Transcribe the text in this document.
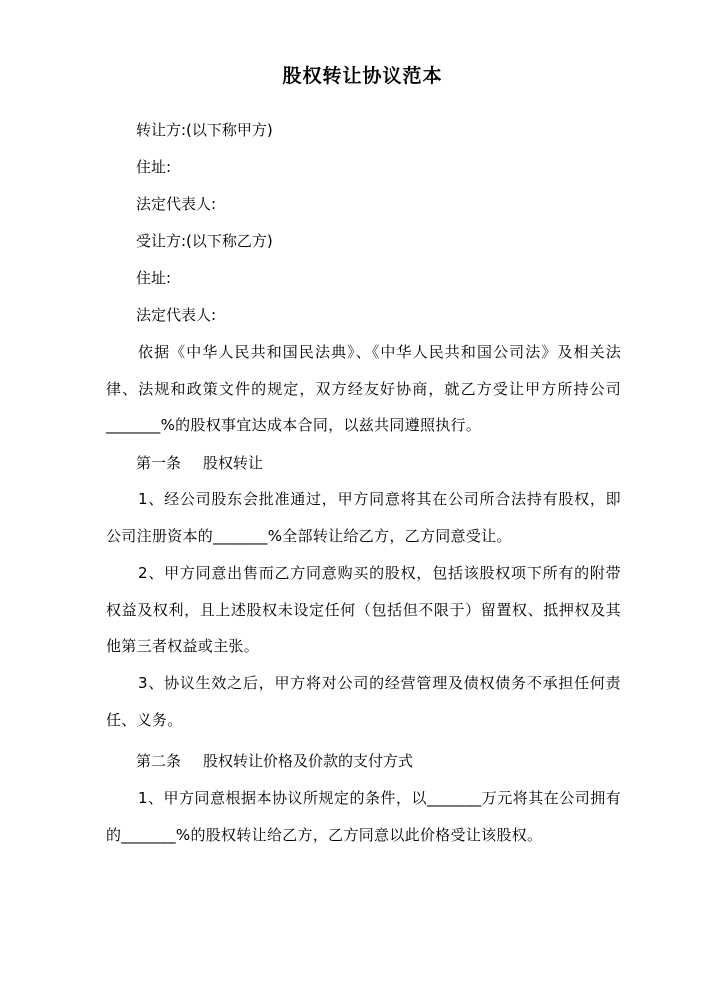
股权转让协议范本
转让方:(以下称甲方)
住址:
法定代表人:
受让方:(以下称乙方)
住址:
法定代表人:
依据《中华人民共和国民法典》、《中华人民共和国公司法》及相关法律、法规和政策文件的规定，双方经友好协商，就乙方受让甲方所持公司_______%的股权事宜达成本合同，以兹共同遵照执行。
第一条 股权转让
1、经公司股东会批准通过，甲方同意将其在公司所合法持有股权，即公司注册资本的_______%全部转让给乙方，乙方同意受让。
2、甲方同意出售而乙方同意购买的股权，包括该股权项下所有的附带权益及权利，且上述股权未设定任何（包括但不限于）留置权、抵押权及其他第三者权益或主张。
3、协议生效之后，甲方将对公司的经营管理及债权债务不承担任何责任、义务。
第二条 股权转让价格及价款的支付方式
1、甲方同意根据本协议所规定的条件，以_______万元将其在公司拥有的_______%的股权转让给乙方，乙方同意以此价格受让该股权。
